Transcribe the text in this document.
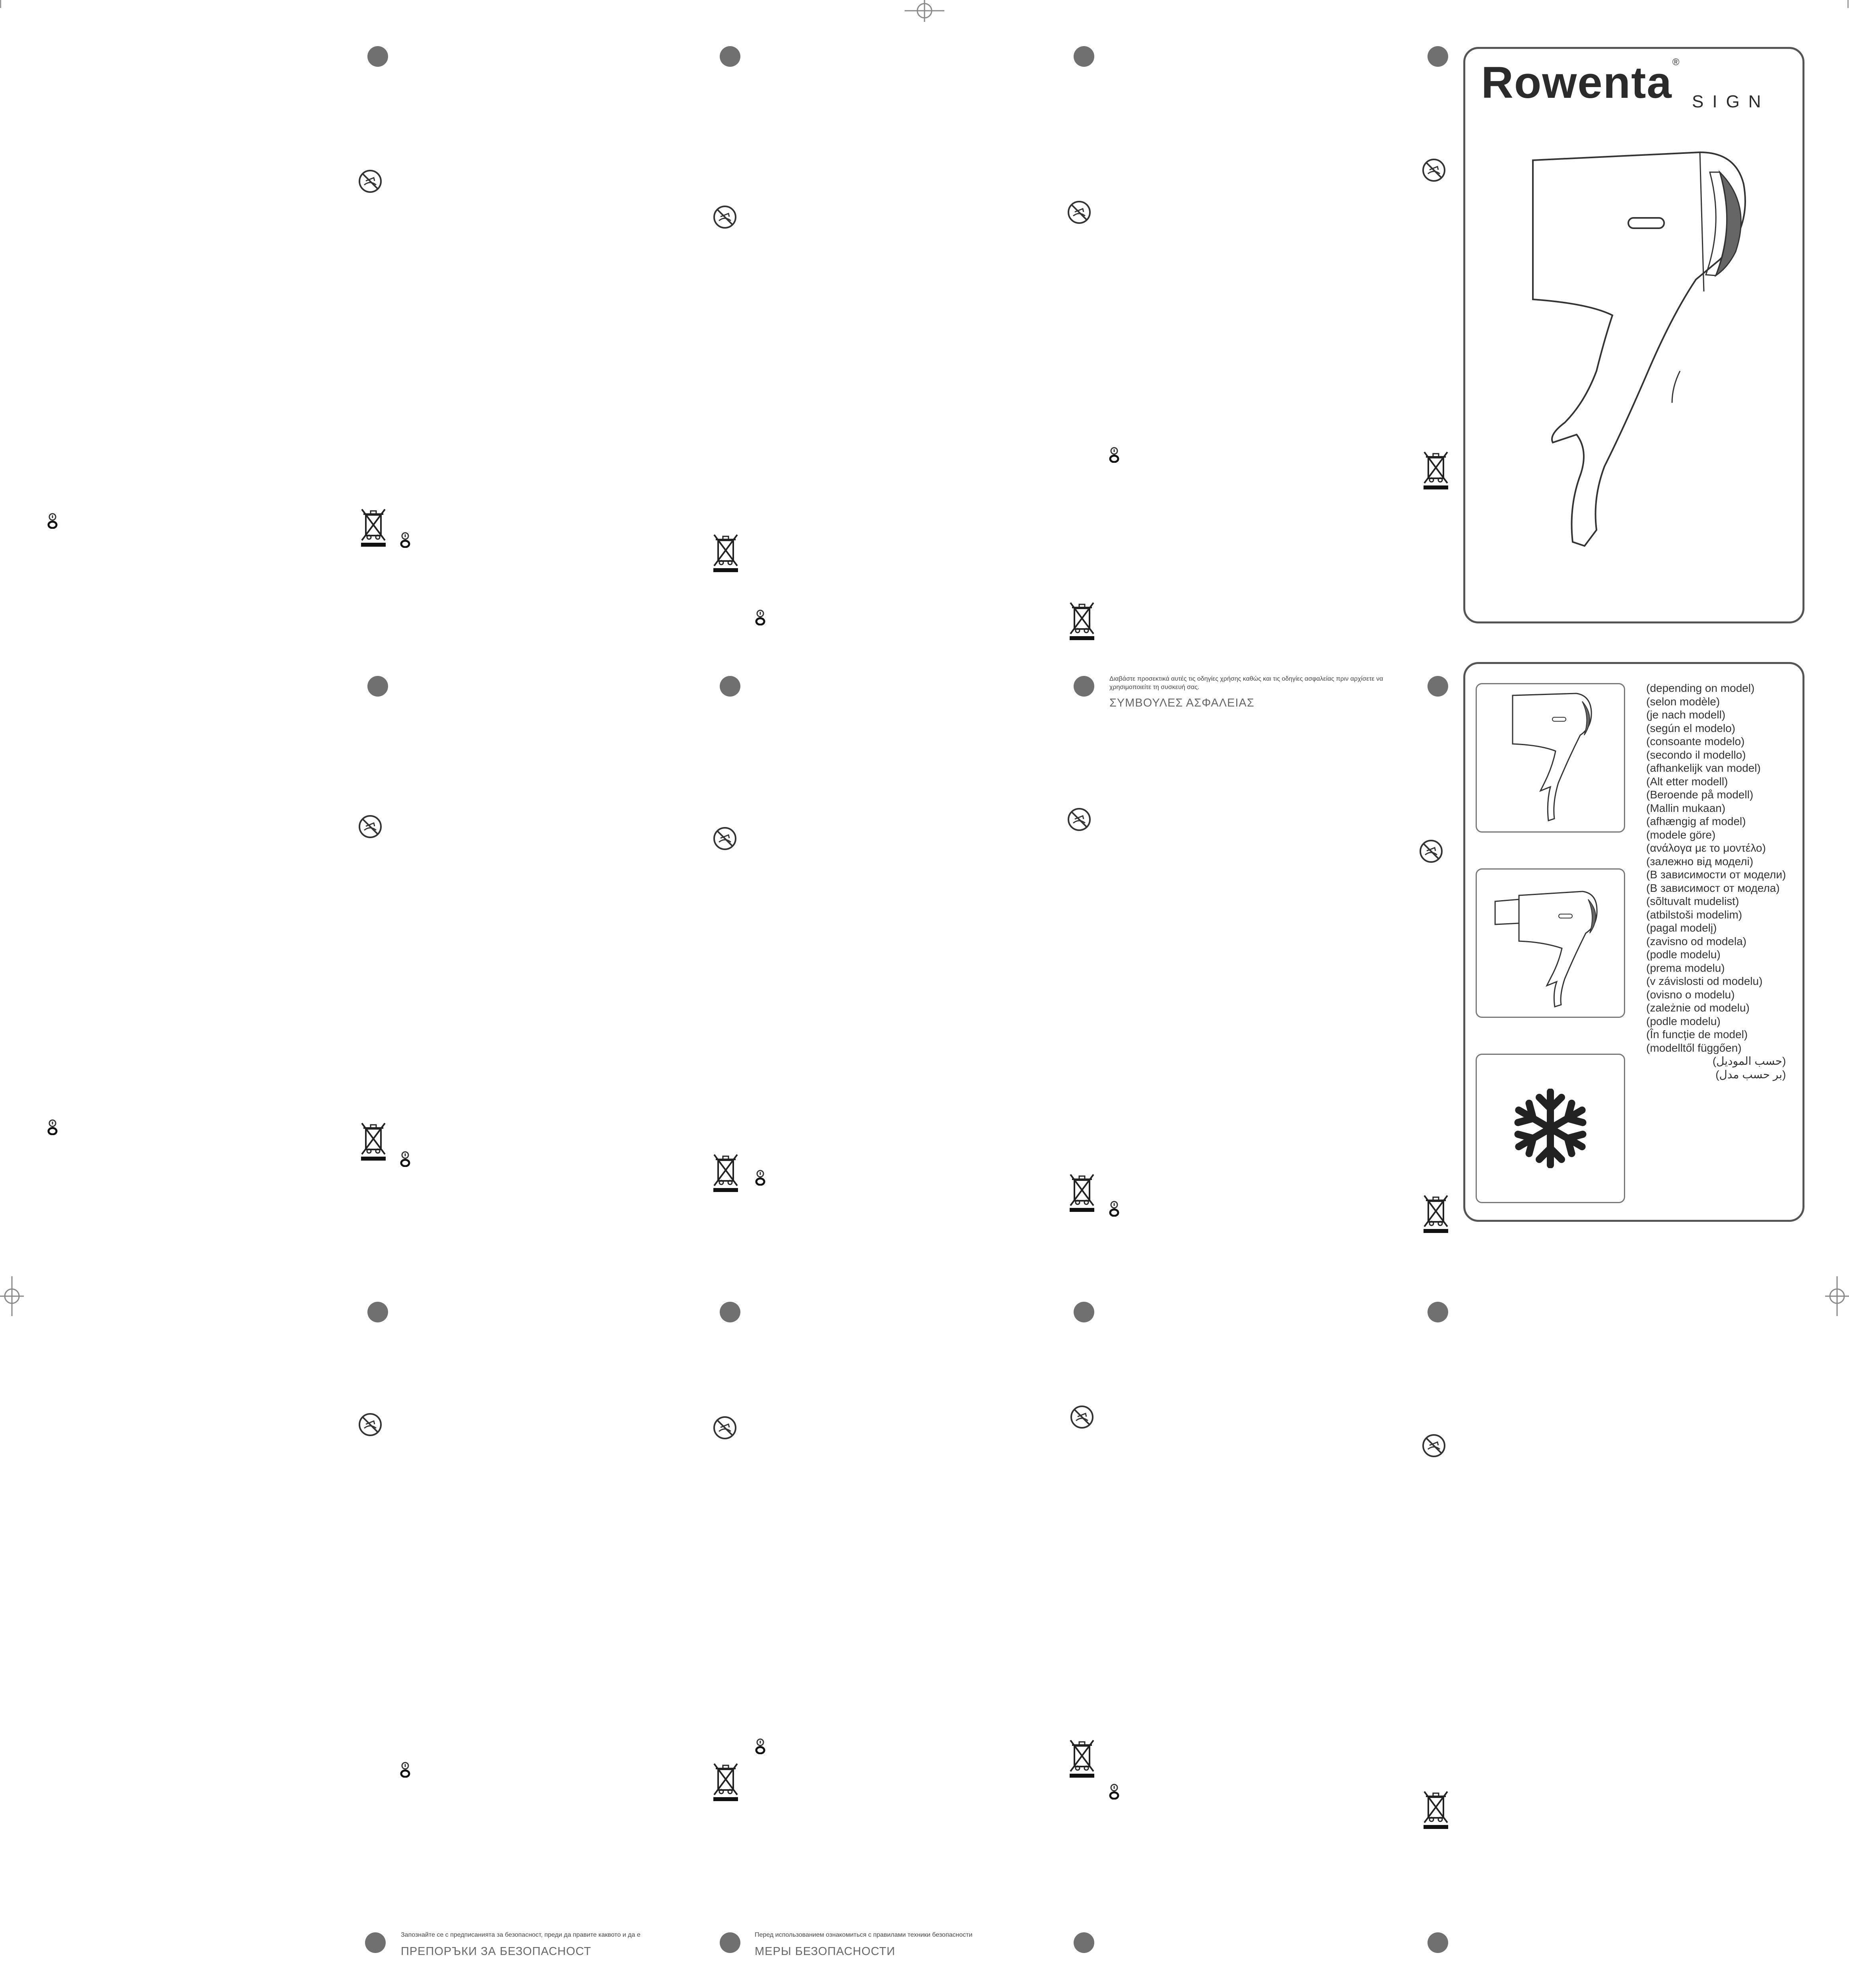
Rowenta®
SIGN
Διαβάστε προσεκτικά αυτές τις οδηγίες χρήσης καθώς και τις οδηγίες ασφαλείας πριν αρχίσετε να χρησιμοποιείτε τη συσκευή σας.
ΣΥΜΒΟΥΛΕΣ ΑΣΦΑΛΕΙΑΣ
(depending on model)
(selon modèle)
(je nach modell)
(según el modelo)
(consoante modelo)
(secondo il modello)
(afhankelijk van model)
(Alt etter modell)
(Beroende på modell)
(Mallin mukaan)
(afhængig af model)
(modele göre)
(ανάλογα με το μοντέλο)
(залежно від моделі)
(В зависимости от модели)
(В зависимост от модела)
(sõltuvalt mudelist)
(atbilstoši modelim)
(pagal modelį)
(zavisno od modela)
(podle modelu)
(prema modelu)
(v závislosti od modelu)
(ovisno o modelu)
(zależnie od modelu)
(podle modelu)
(În funcție de model)
(modelltől függően)
(حسب الموديل)
(بر حسب مدل)
Запознайте се с предписанията за безопасност, преди да правите каквото и да е
ПРЕПОРЪКИ ЗА БЕЗОПАСНОСТ
Перед использованием ознакомиться с правилами техники безопасности
МЕРЫ БЕЗОПАСНОСТИ
